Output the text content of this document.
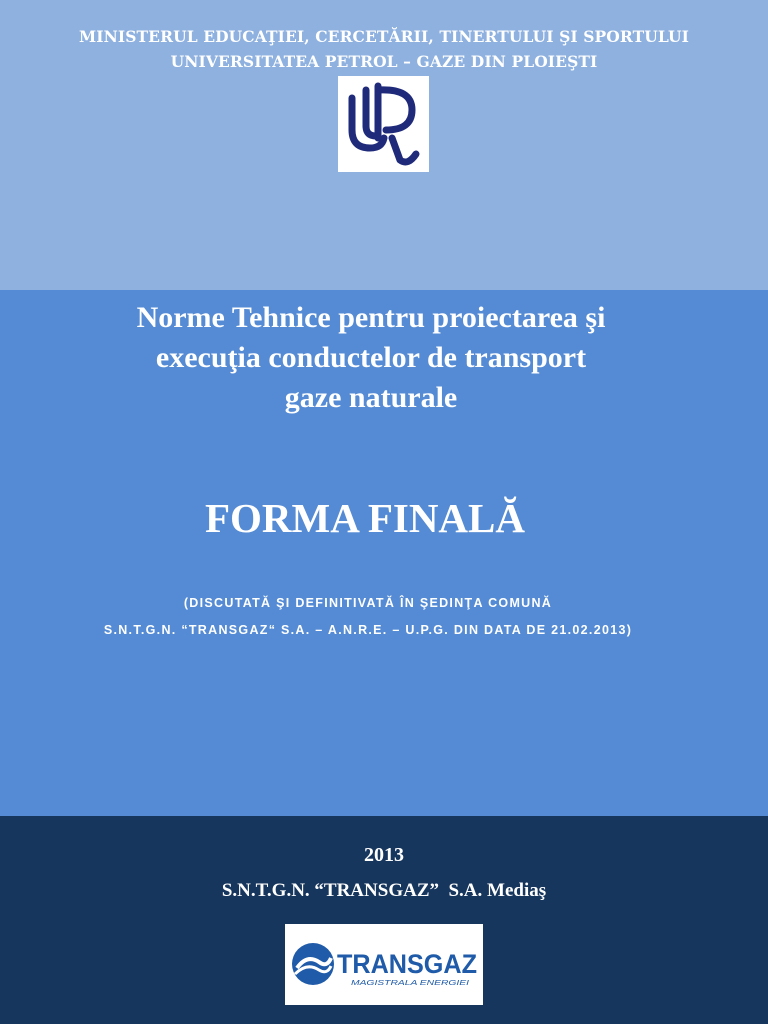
MINISTERUL EDUCAŢIEI, CERCETĂRII, TINERTULUI ŞI SPORTULUI
UNIVERSITATEA PETROL – GAZE DIN PLOIEŞTI
Norme Tehnice pentru proiectarea şi
execuţia conductelor de transport
gaze naturale
FORMA FINALĂ
(DISCUTATĂ ŞI DEFINITIVATĂ ÎN ŞEDINŢA COMUNĂ
S.N.T.G.N. “TRANSGAZ“ S.A. – A.N.R.E. – U.P.G. DIN DATA DE 21.02.2013)
2013
S.N.T.G.N. “TRANSGAZ”  S.A. Mediaş
TRANSGAZ
MAGISTRALA ENERGIEI
